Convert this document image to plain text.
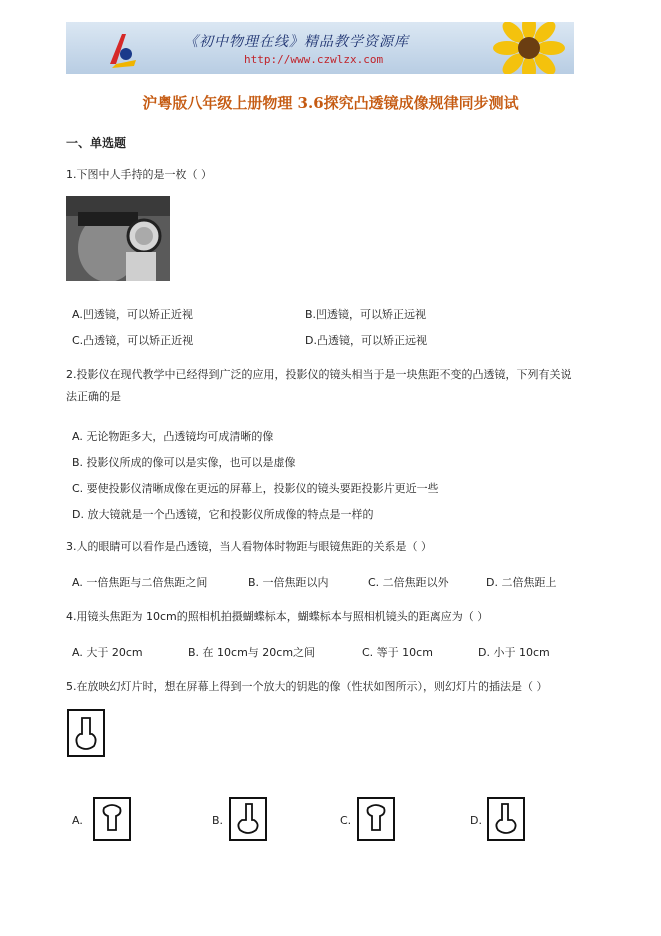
《初中物理在线》精品教学资源库
http://www.czwlzx.com
沪粤版八年级上册物理 3.6探究凸透镜成像规律同步测试
一、单选题
1.下图中人手持的是一枚（ ）
A.凹透镜，可以矫正近视	B.凹透镜，可以矫正远视
C.凸透镜，可以矫正近视	D.凸透镜，可以矫正远视
2.投影仪在现代教学中已经得到广泛的应用，投影仪的镜头相当于是一块焦距不变的凸透镜，下列有关说
法正确的是
A. 无论物距多大，凸透镜均可成清晰的像
B. 投影仪所成的像可以是实像，也可以是虚像
C. 要使投影仪清晰成像在更远的屏幕上，投影仪的镜头要距投影片更近一些
D. 放大镜就是一个凸透镜，它和投影仪所成像的特点是一样的
3.人的眼睛可以看作是凸透镜，当人看物体时物距与眼镜焦距的关系是（ ）
A. 一倍焦距与二倍焦距之间	B. 一倍焦距以内	C. 二倍焦距以外	D. 二倍焦距上
4.用镜头焦距为 10cm的照相机拍摄蝴蝶标本，蝴蝶标本与照相机镜头的距离应为（ ）
A. 大于 20cm	B. 在 10cm与 20cm之间	C. 等于 10cm	D. 小于 10cm
5.在放映幻灯片时，想在屏幕上得到一个放大的钥匙的像（性状如图所示），则幻灯片的插法是（ ）
A.	B.	C.	D.
